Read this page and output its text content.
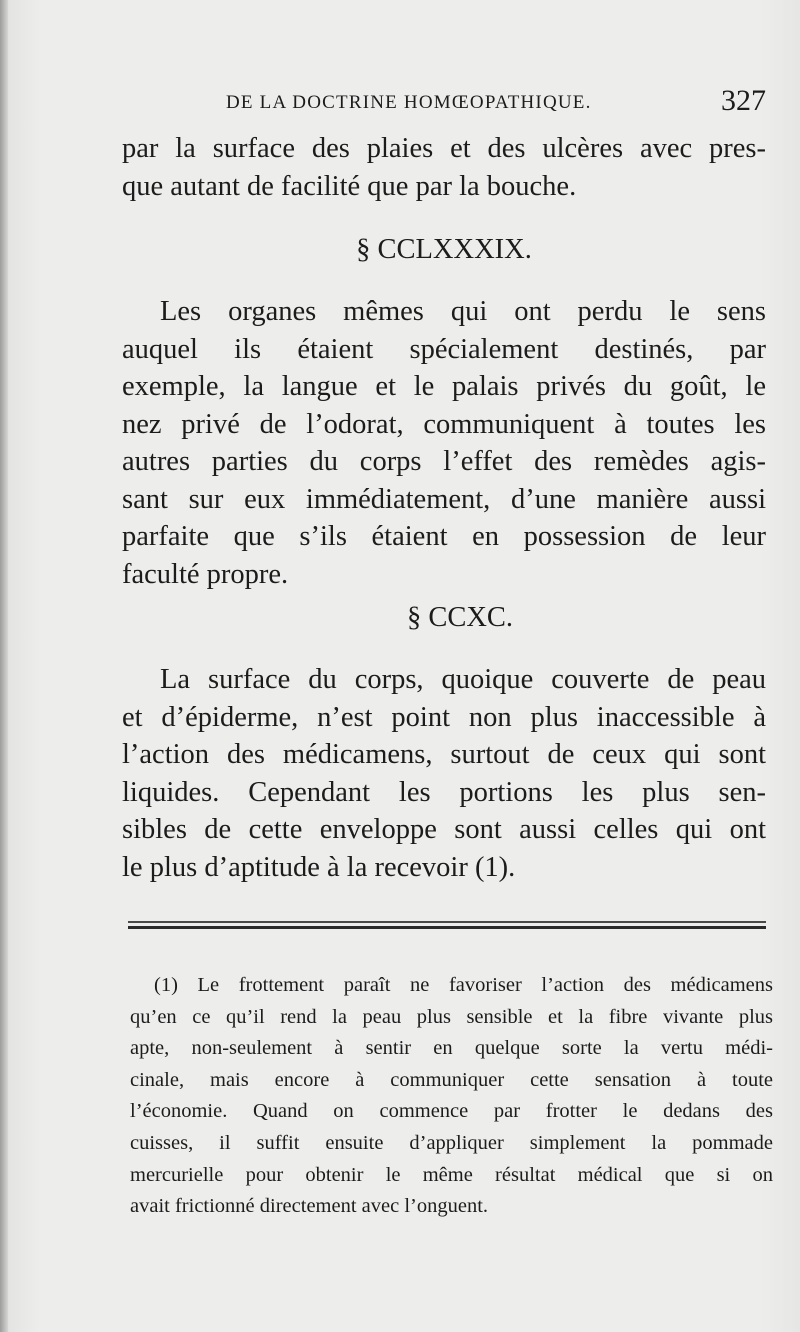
DE LA DOCTRINE HOMŒOPATHIQUE.	327
par la surface des plaies et des ulcères avec pres-
que autant de facilité que par la bouche.
§ CCLXXXIX.
Les organes mêmes qui ont perdu le sens
auquel ils étaient spécialement destinés, par
exemple, la langue et le palais privés du goût, le
nez privé de l’odorat, communiquent à toutes les
autres parties du corps l’effet des remèdes agis-
sant sur eux immédiatement, d’une manière aussi
parfaite que s’ils étaient en possession de leur
faculté propre.
§ CCXC.
La surface du corps, quoique couverte de peau
et d’épiderme, n’est point non plus inaccessible à
l’action des médicamens, surtout de ceux qui sont
liquides. Cependant les portions les plus sen-
sibles de cette enveloppe sont aussi celles qui ont
le plus d’aptitude à la recevoir (1).
(1) Le frottement paraît ne favoriser l’action des médicamens
qu’en ce qu’il rend la peau plus sensible et la fibre vivante plus
apte, non-seulement à sentir en quelque sorte la vertu médi-
cinale, mais encore à communiquer cette sensation à toute
l’économie. Quand on commence par frotter le dedans des
cuisses, il suffit ensuite d’appliquer simplement la pommade
mercurielle pour obtenir le même résultat médical que si on
avait frictionné directement avec l’onguent.
